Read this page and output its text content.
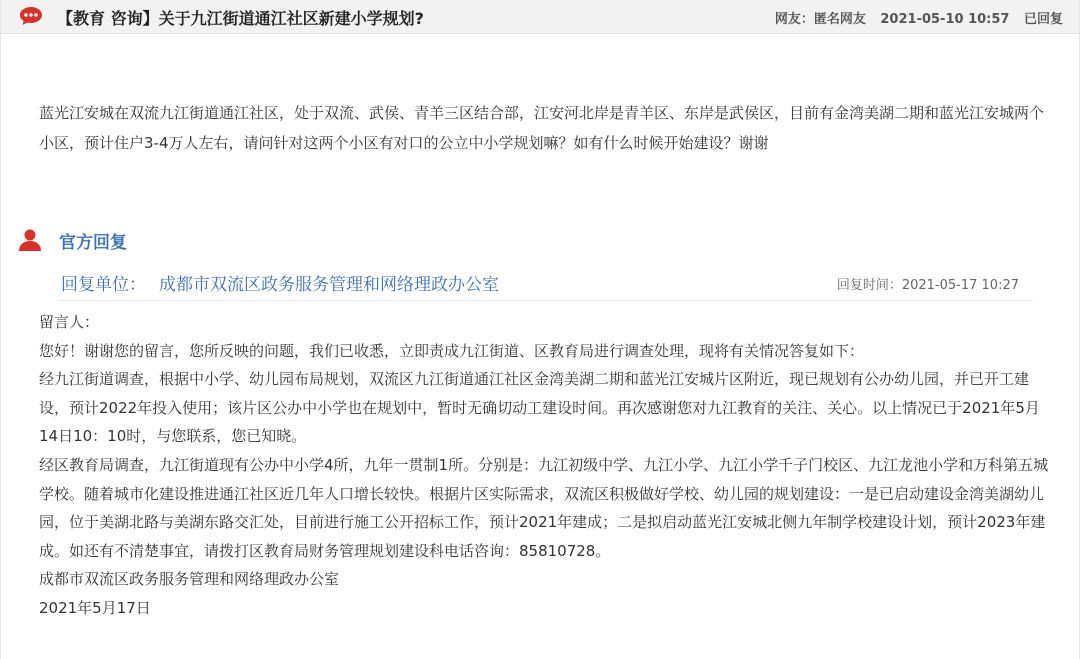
【教育 咨询】关于九江街道通江社区新建小学规划?	网友：匿名网友 2021-05-10 10:57 已回复
蓝光江安城在双流九江街道通江社区，处于双流、武侯、青羊三区结合部，江安河北岸是青羊区、东岸是武侯区，目前有金湾美湖二期和蓝光江安城两个小区，预计住户3-4万人左右，请问针对这两个小区有对口的公立中小学规划嘛？如有什么时候开始建设？谢谢
官方回复
回复单位： 成都市双流区政务服务管理和网络理政办公室	回复时间：2021-05-17 10:27

留言人：

您好！谢谢您的留言，您所反映的问题，我们已收悉，立即责成九江街道、区教育局进行调查处理，现将有关情况答复如下：

经九江街道调查，根据中小学、幼儿园布局规划，双流区九江街道通江社区金湾美湖二期和蓝光江安城片区附近，现已规划有公办幼儿园，并已开工建设，预计2022年投入使用；该片区公办中小学也在规划中，暂时无确切动工建设时间。再次感谢您对九江教育的关注、关心。以上情况已于2021年5月14日10：10时，与您联系，您已知晓。

经区教育局调查，九江街道现有公办中小学4所，九年一贯制1所。分别是：九江初级中学、九江小学、九江小学千子门校区、九江龙池小学和万科第五城学校。随着城市化建设推进通江社区近几年人口增长较快。根据片区实际需求，双流区积极做好学校、幼儿园的规划建设：一是已启动建设金湾美湖幼儿园，位于美湖北路与美湖东路交汇处，目前进行施工公开招标工作，预计2021年建成；二是拟启动蓝光江安城北侧九年制学校建设计划，预计2023年建成。如还有不清楚事宜，请拨打区教育局财务管理规划建设科电话咨询：85810728。

成都市双流区政务服务管理和网络理政办公室

2021年5月17日
